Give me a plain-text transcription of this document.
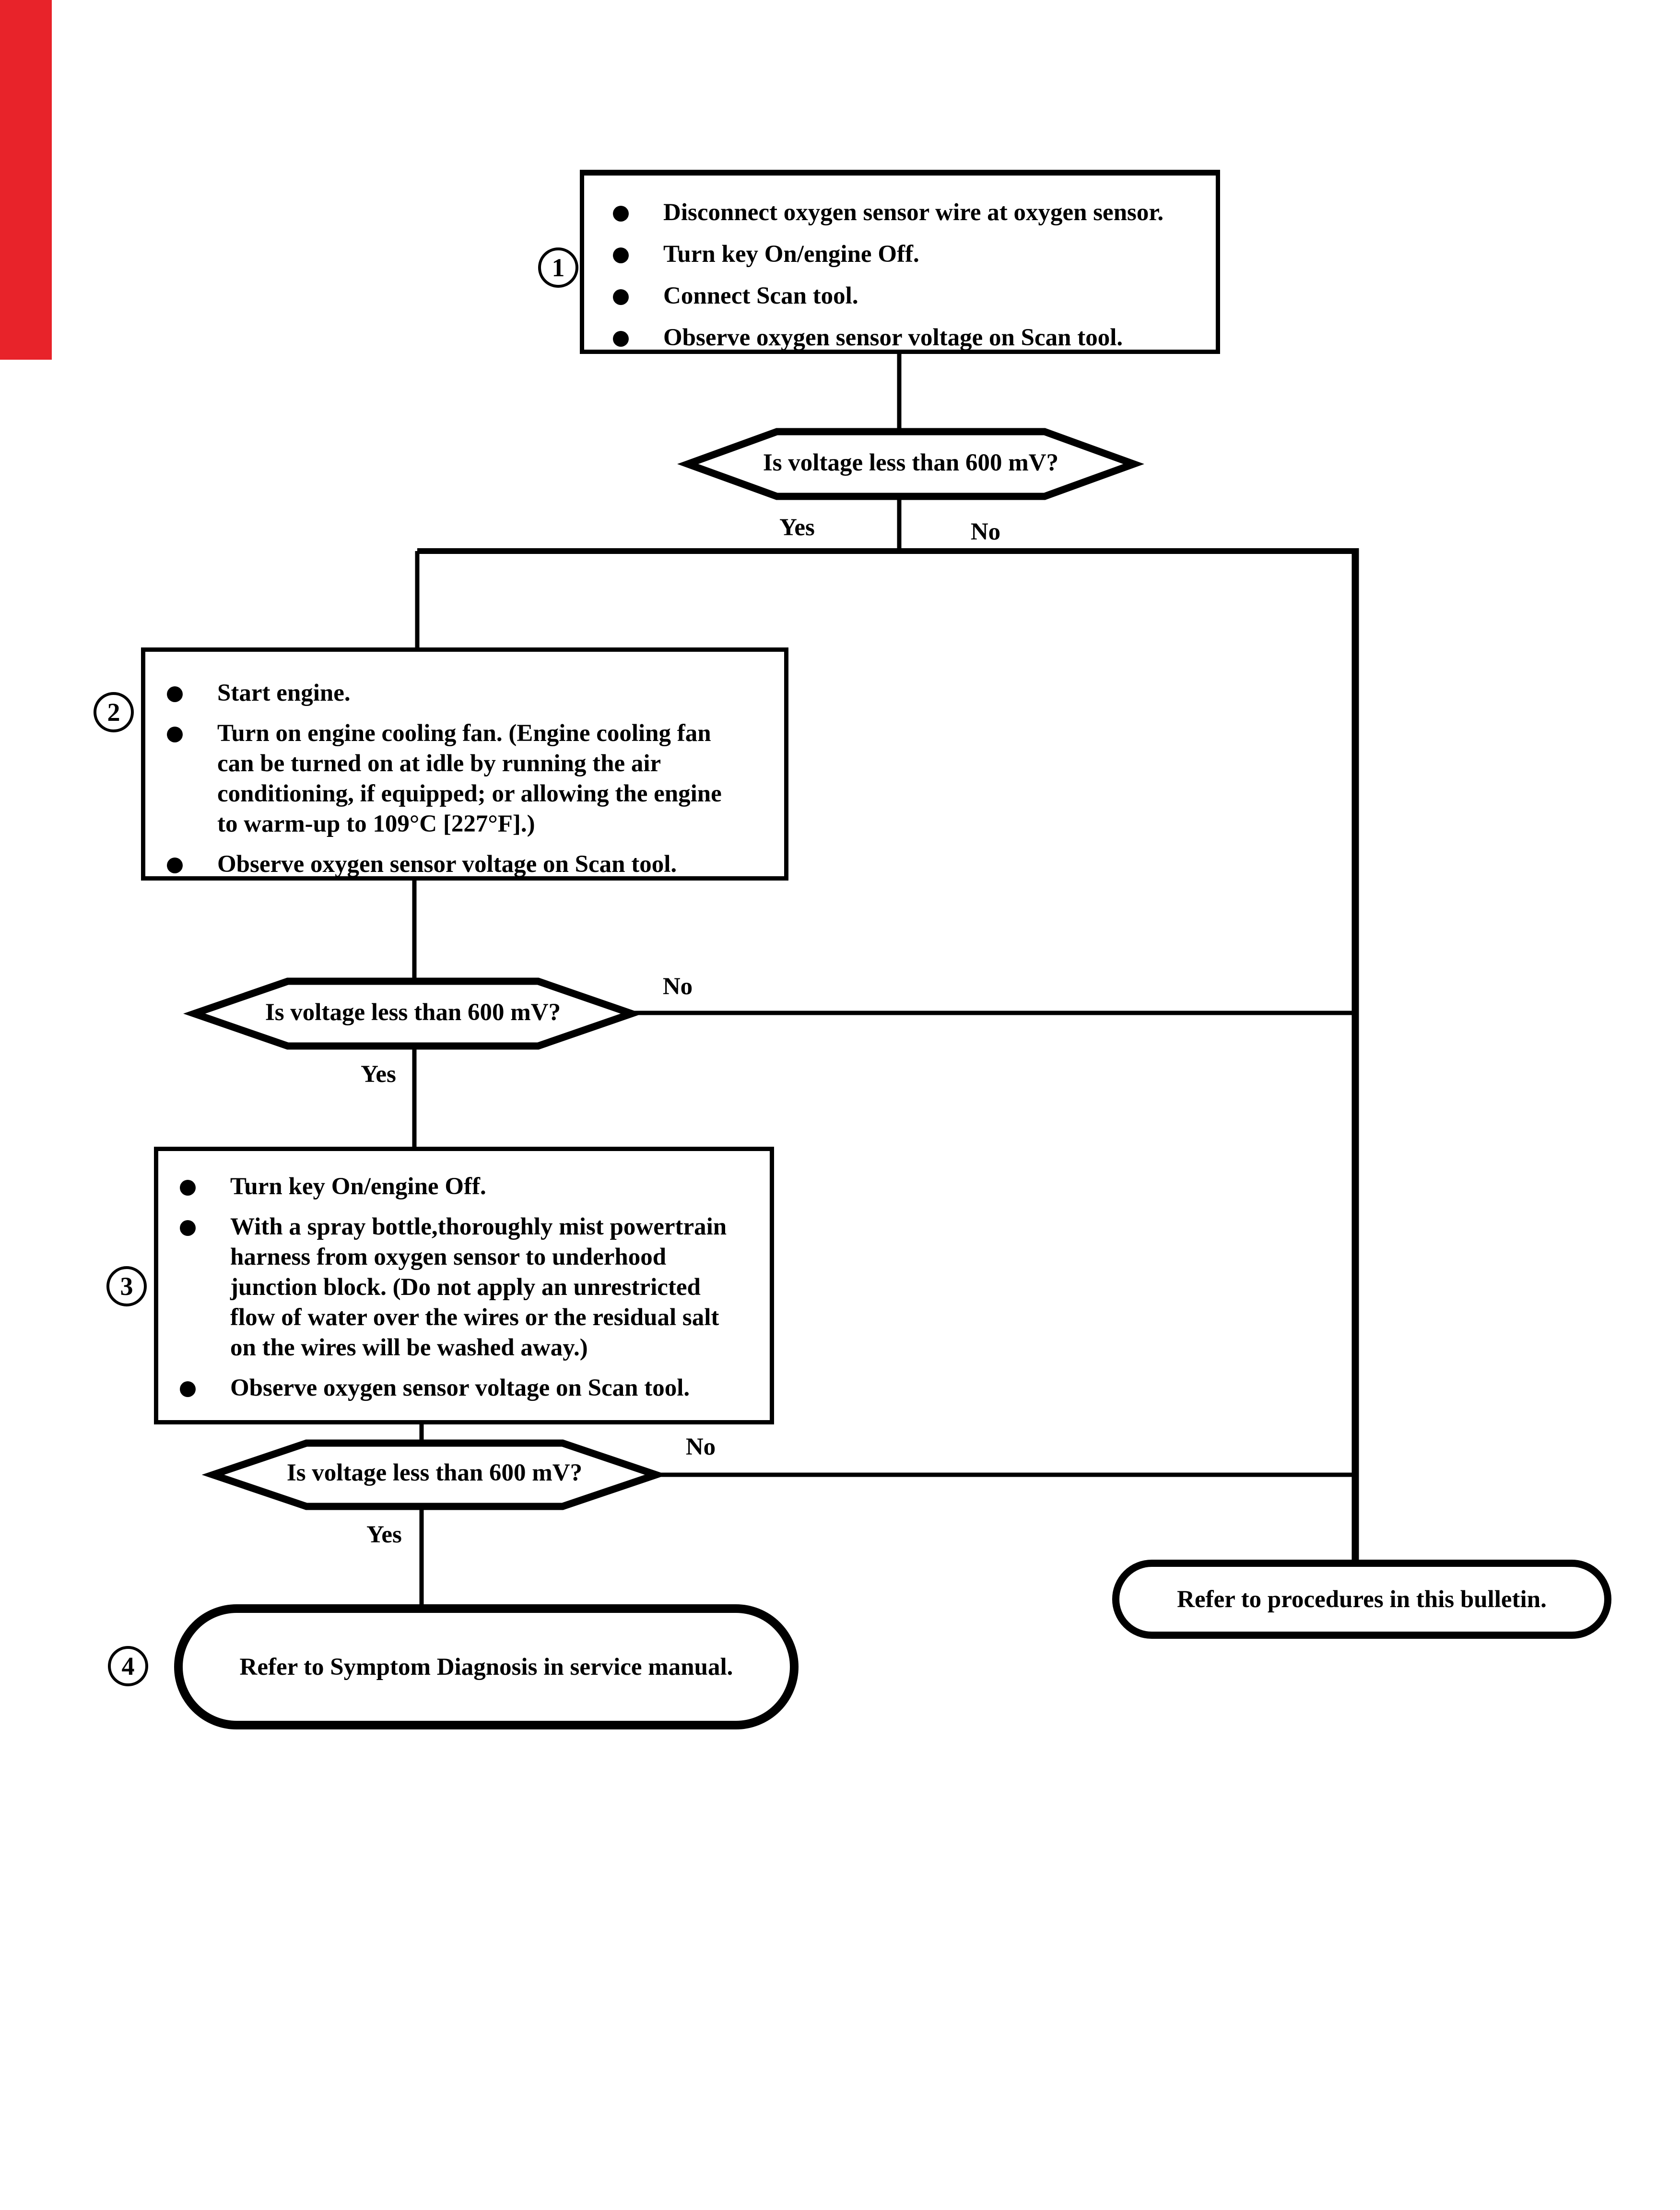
Disconnect oxygen sensor wire at oxygen sensor.
Turn key On/engine Off.
Connect Scan tool.
Observe oxygen sensor voltage on Scan tool.
1
Is voltage less than 600 mV?
Yes	No
Start engine.
Turn on engine cooling fan. (Engine cooling fan
can be turned on at idle by running the air
conditioning, if equipped; or allowing the engine
to warm-up to 109°C [227°F].)
Observe oxygen sensor voltage on Scan tool.
2
Is voltage less than 600 mV?
No
Yes
Turn key On/engine Off.
With a spray bottle,thoroughly mist powertrain
harness from oxygen sensor to underhood
junction block. (Do not apply an unrestricted
flow of water over the wires or the residual salt
on the wires will be washed away.)
Observe oxygen sensor voltage on Scan tool.
3
Is voltage less than 600 mV?
No
Yes
Refer to Symptom Diagnosis in service manual.
4
Refer to procedures in this bulletin.
